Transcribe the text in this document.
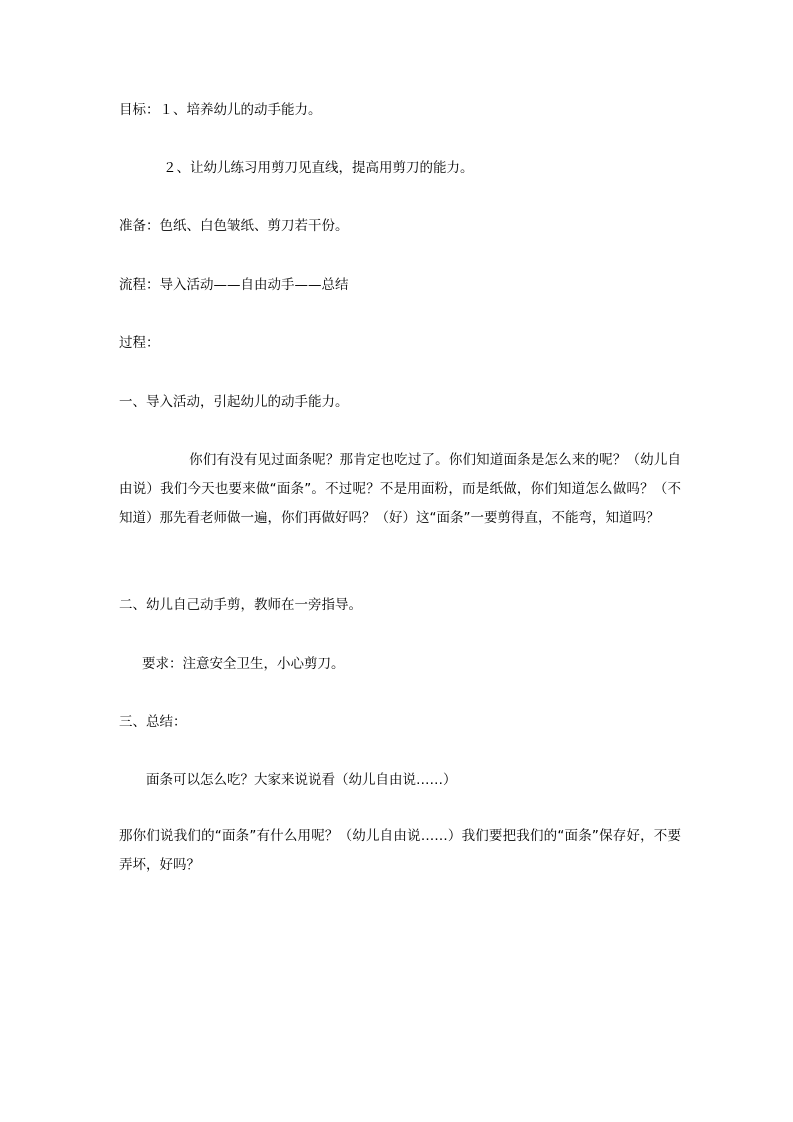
目标：１、培养幼儿的动手能力。

２、让幼儿练习用剪刀见直线，提高用剪刀的能力。

准备：色纸、白色皱纸、剪刀若干份。

流程：导入活动——自由动手——总结

过程：

一、导入活动，引起幼儿的动手能力。

你们有没有见过面条呢？那肯定也吃过了。你们知道面条是怎么来的呢？（幼儿自由说）我们今天也要来做“面条”。不过呢？不是用面粉，而是纸做，你们知道怎么做吗？（不知道）那先看老师做一遍，你们再做好吗？（好）这“面条”一要剪得直，不能弯，知道吗？

二、幼儿自己动手剪，教师在一旁指导。

要求：注意安全卫生，小心剪刀。

三、总结：

面条可以怎么吃？大家来说说看（幼儿自由说……）

那你们说我们的“面条”有什么用呢？（幼儿自由说……）我们要把我们的“面条”保存好，不要弄坏，好吗？
